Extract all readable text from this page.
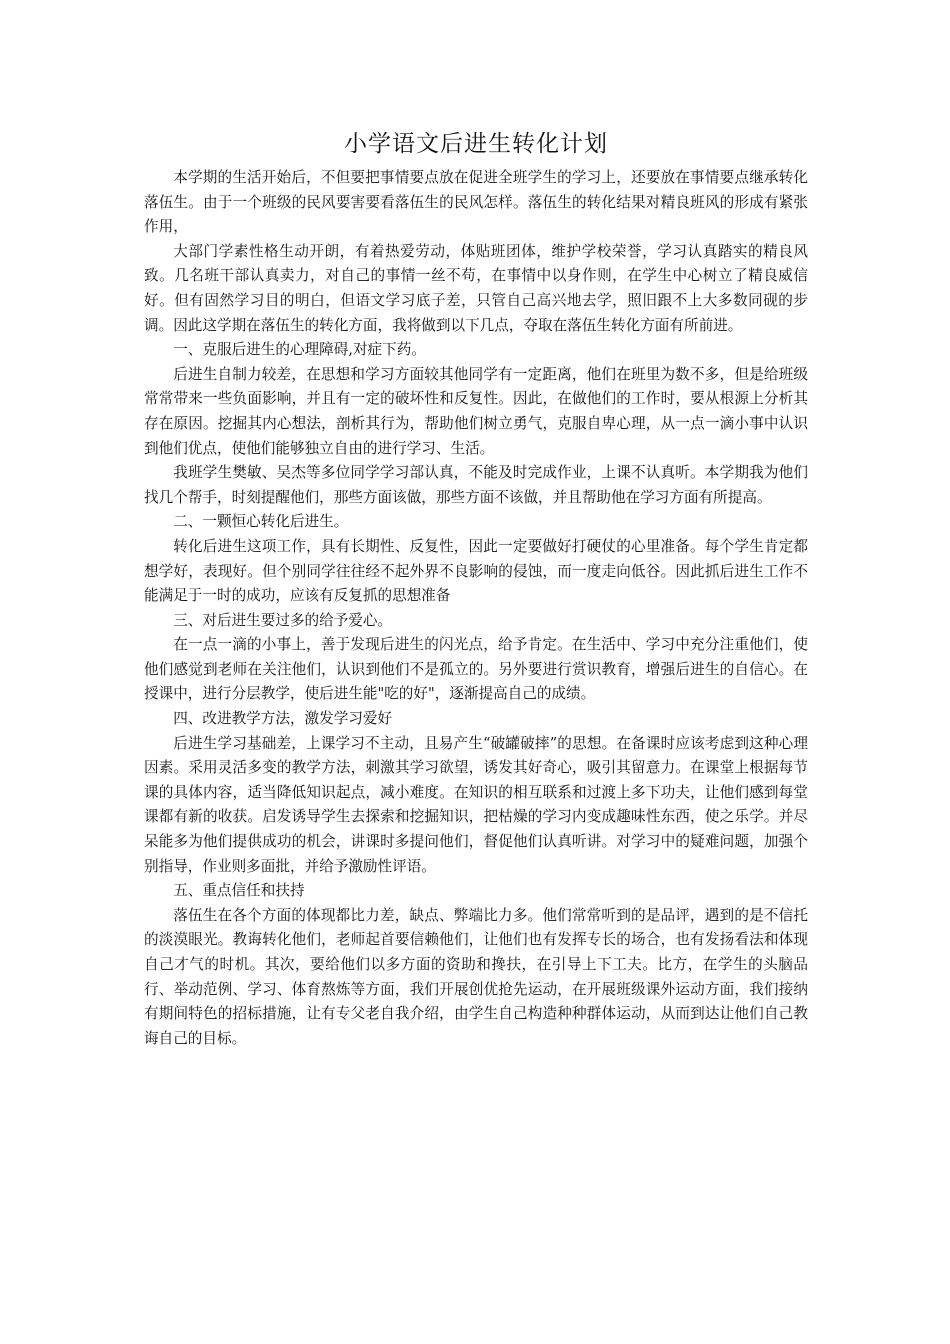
小学语文后进生转化计划

本学期的生活开始后，不但要把事情要点放在促进全班学生的学习上，还要放在事情要点继承转化落伍生。由于一个班级的民风要害要看落伍生的民风怎样。落伍生的转化结果对精良班风的形成有紧张作用，

大部门学素性格生动开朗，有着热爱劳动，体贴班团体，维护学校荣誉，学习认真踏实的精良风致。几名班干部认真卖力，对自己的事情一丝不苟，在事情中以身作则，在学生中心树立了精良威信好。但有固然学习目的明白，但语文学习底子差，只管自己高兴地去学，照旧跟不上大多数同砚的步调。因此这学期在落伍生的转化方面，我将做到以下几点，夺取在落伍生转化方面有所前进。

一、克服后进生的心理障碍,对症下药。

后进生自制力较差，在思想和学习方面较其他同学有一定距离，他们在班里为数不多，但是给班级常常带来一些负面影响，并且有一定的破坏性和反复性。因此，在做他们的工作时，要从根源上分析其存在原因。挖掘其内心想法，剖析其行为，帮助他们树立勇气，克服自卑心理，从一点一滴小事中认识到他们优点，使他们能够独立自由的进行学习、生活。

我班学生樊敏、吴杰等多位同学学习部认真，不能及时完成作业，上课不认真听。本学期我为他们找几个帮手，时刻提醒他们，那些方面该做，那些方面不该做，并且帮助他在学习方面有所提高。

二、一颗恒心转化后进生。

转化后进生这项工作，具有长期性、反复性，因此一定要做好打硬仗的心里准备。每个学生肯定都想学好，表现好。但个别同学往往经不起外界不良影响的侵蚀，而一度走向低谷。因此抓后进生工作不能满足于一时的成功，应该有反复抓的思想准备

三、对后进生要过多的给予爱心。

在一点一滴的小事上，善于发现后进生的闪光点，给予肯定。在生活中、学习中充分注重他们，使他们感觉到老师在关注他们，认识到他们不是孤立的。另外要进行赏识教育，增强后进生的自信心。在授课中，进行分层教学，使后进生能"吃的好"，逐渐提高自己的成绩。

四、改进教学方法，激发学习爱好

后进生学习基础差，上课学习不主动，且易产生“破罐破摔”的思想。在备课时应该考虑到这种心理因素。采用灵活多变的教学方法，刺激其学习欲望，诱发其好奇心，吸引其留意力。在课堂上根据每节课的具体内容，适当降低知识起点，减小难度。在知识的相互联系和过渡上多下功夫，让他们感到每堂课都有新的收获。启发诱导学生去探索和挖掘知识，把枯燥的学习内变成趣味性东西，使之乐学。并尽呆能多为他们提供成功的机会，讲课时多提问他们，督促他们认真听讲。对学习中的疑难问题，加强个别指导，作业则多面批，并给予激励性评语。

五、重点信任和扶持

落伍生在各个方面的体现都比力差，缺点、弊端比力多。他们常常听到的是品评，遇到的是不信托的淡漠眼光。教诲转化他们，老师起首要信赖他们，让他们也有发挥专长的场合，也有发扬看法和体现自己才气的时机。其次，要给他们以多方面的资助和搀扶，在引导上下工夫。比方，在学生的头脑品行、举动范例、学习、体育熬炼等方面，我们开展创优抢先运动，在开展班级课外运动方面，我们接纳有期间特色的招标措施，让有专父老自我介绍，由学生自己构造种种群体运动，从而到达让他们自己教诲自己的目标。
